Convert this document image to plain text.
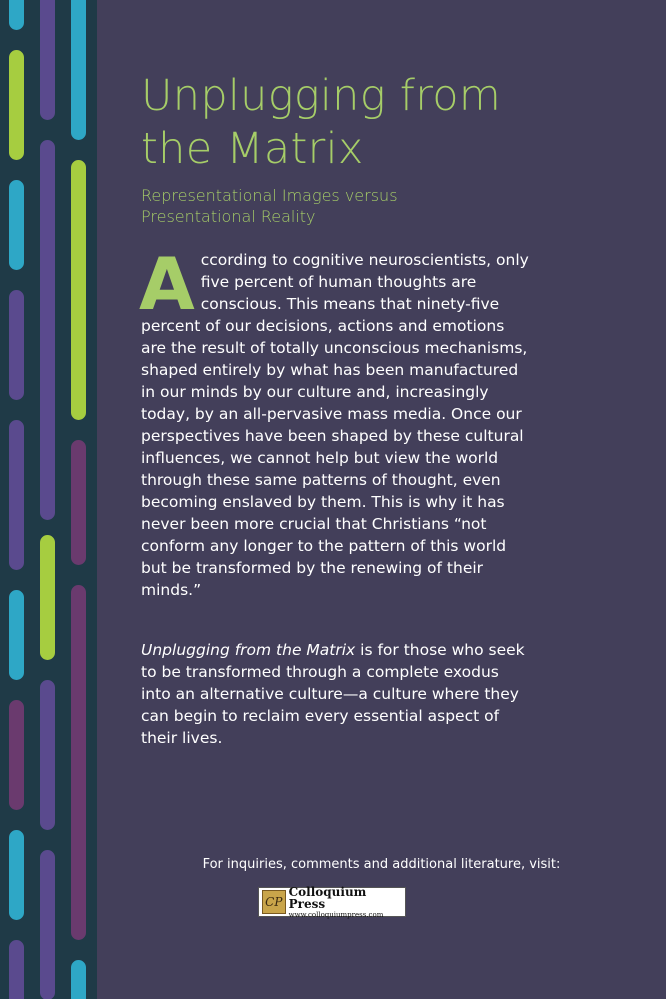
Unplugging from
the Matrix
Representational Images versus
Presentational Reality
According to cognitive neuroscientists, only five percent of human thoughts are conscious. This means that ninety-five percent of our decisions, actions and emotions are the result of totally unconscious mechanisms, shaped entirely by what has been manufactured in our minds by our culture and, increasingly today, by an all-pervasive mass media. Once our perspectives have been shaped by these cultural influences, we cannot help but view the world through these same patterns of thought, even becoming enslaved by them. This is why it has never been more crucial that Christians “not conform any longer to the pattern of this world but be transformed by the renewing of their minds.”
Unplugging from the Matrix is for those who seek to be transformed through a complete exodus into an alternative culture—a culture where they can begin to reclaim every essential aspect of their lives.
For inquiries, comments and additional literature, visit:
CP
Colloquium Press
www.colloquiumpress.com
